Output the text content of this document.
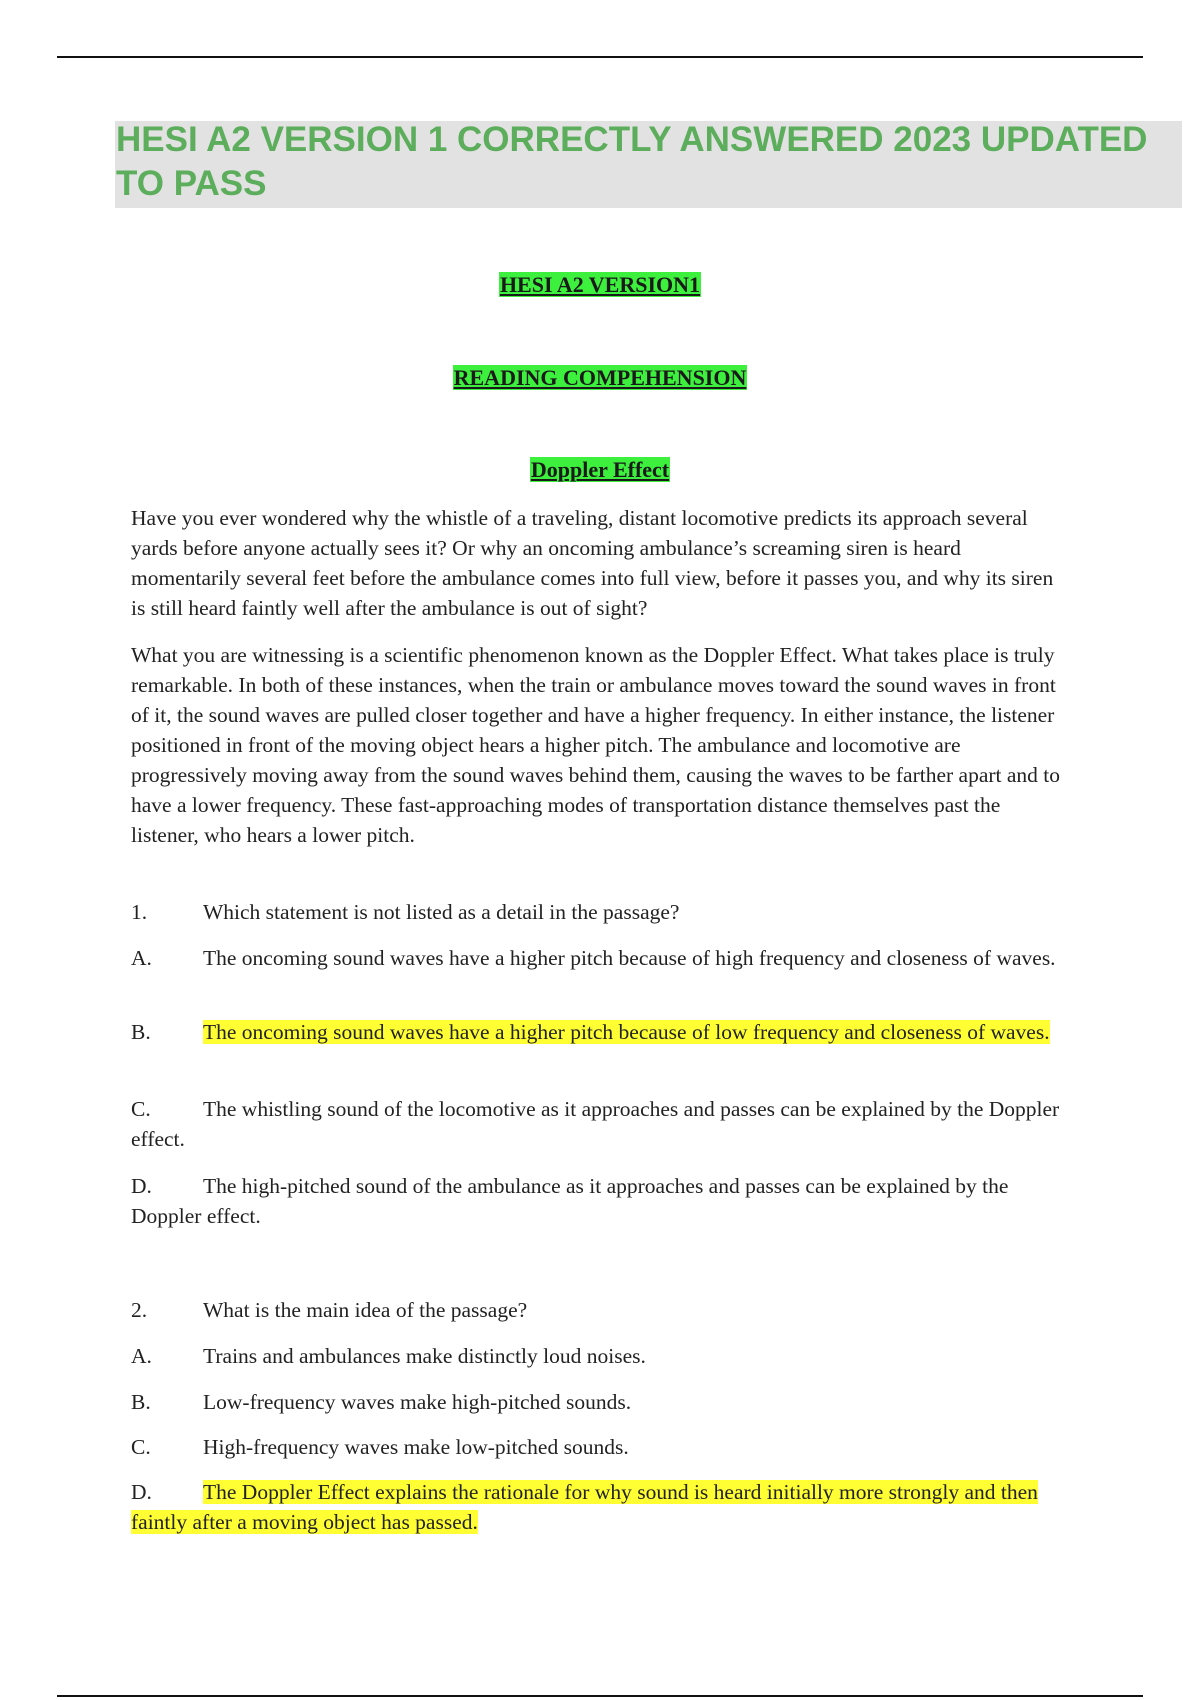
HESI A2 VERSION 1 CORRECTLY ANSWERED 2023 UPDATED TO PASS

HESI A2 VERSION1

READING COMPEHENSION

Doppler Effect

Have you ever wondered why the whistle of a traveling, distant locomotive predicts its approach several yards before anyone actually sees it? Or why an oncoming ambulance’s screaming siren is heard momentarily several feet before the ambulance comes into full view, before it passes you, and why its siren is still heard faintly well after the ambulance is out of sight?

What you are witnessing is a scientific phenomenon known as the Doppler Effect. What takes place is truly remarkable. In both of these instances, when the train or ambulance moves toward the sound waves in front of it, the sound waves are pulled closer together and have a higher frequency. In either instance, the listener positioned in front of the moving object hears a higher pitch. The ambulance and locomotive are progressively moving away from the sound waves behind them, causing the waves to be farther apart and to have a lower frequency. These fast-approaching modes of transportation distance themselves past the listener, who hears a lower pitch.

1.	Which statement is not listed as a detail in the passage?

A. The oncoming sound waves have a higher pitch because of high frequency and closeness of waves.

B. The oncoming sound waves have a higher pitch because of low frequency and closeness of waves.

C. The whistling sound of the locomotive as it approaches and passes can be explained by the Doppler effect.

D. The high-pitched sound of the ambulance as it approaches and passes can be explained by the Doppler effect.

2.	What is the main idea of the passage?

A. Trains and ambulances make distinctly loud noises.

B. Low-frequency waves make high-pitched sounds.

C. High-frequency waves make low-pitched sounds.

D. The Doppler Effect explains the rationale for why sound is heard initially more strongly and then faintly after a moving object has passed.
